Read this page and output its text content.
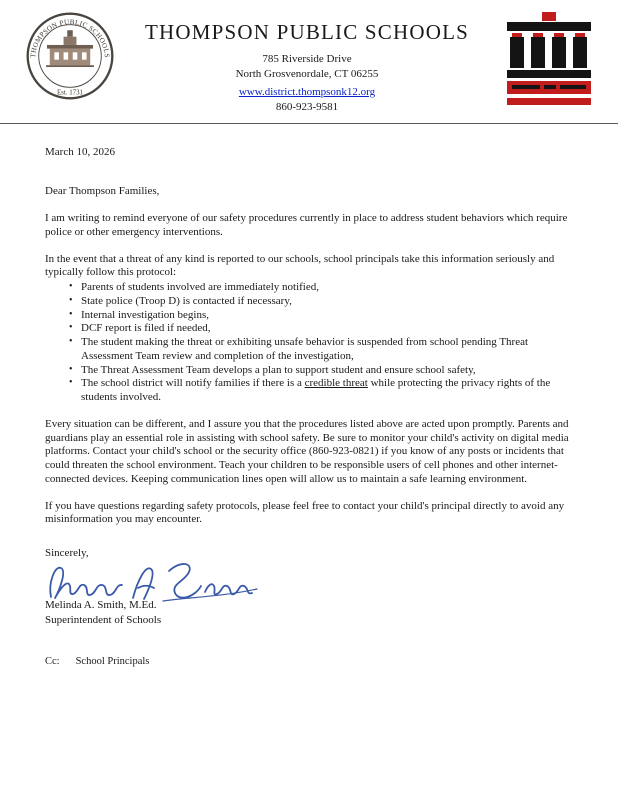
THOMPSON PUBLIC SCHOOLS
Est. 1731
THOMPSON PUBLIC SCHOOLS
785 Riverside Drive
North Grosvenordale, CT 06255
www.district.thompsonk12.org
860-923-9581
March 10, 2026
Dear Thompson Families,

I am writing to remind everyone of our safety procedures currently in place to address student behaviors which require police or other emergency interventions.

In the event that a threat of any kind is reported to our schools, school principals take this information seriously and typically follow this protocol:

• Parents of students involved are immediately notified,
• State police (Troop D) is contacted if necessary,
• Internal investigation begins,
• DCF report is filed if needed,
• The student making the threat or exhibiting unsafe behavior is suspended from school pending Threat Assessment Team review and completion of the investigation,
• The Threat Assessment Team develops a plan to support student and ensure school safety,
• The school district will notify families if there is a credible threat while protecting the privacy rights of the students involved.

Every situation can be different, and I assure you that the procedures listed above are acted upon promptly. Parents and guardians play an essential role in assisting with school safety. Be sure to monitor your child's activity on digital media platforms. Contact your child's school or the security office (860-923-0821) if you know of any posts or incidents that could threaten the school environment. Teach your children to be responsible users of cell phones and other internet-connected devices. Keeping communication lines open will allow us to maintain a safe learning environment.

If you have questions regarding safety protocols, please feel free to contact your child's principal directly to avoid any misinformation you may encounter.

Sincerely,
Melinda A. Smith, M.Ed.
Superintendent of Schools
Cc: School Principals
